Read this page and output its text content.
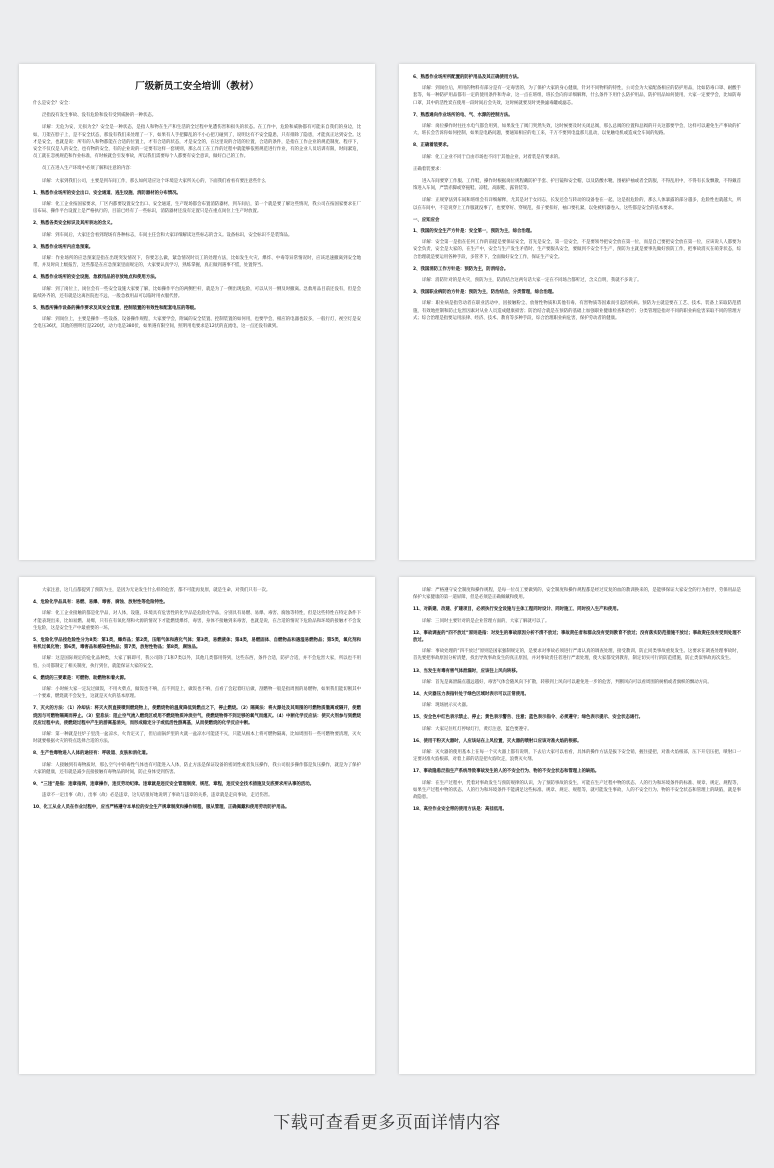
厂级新员工安全培训（教材）

什么是安全？安全：

泛指没有发生事故、没有危险和没有受到威胁的一种状态。

详解：无危为安，无损为全？安全是一种状态，是指人和物在生产和生活的全过程中免遭伤害和损失的状态。在工作中，危险和威胁都有可能来自我们的身边，比如，刀架在脖子上，是不安全状态，那没有我们来处理了一下，如果有人手把脚乱的不小心把刀碰到了，说明这有不安全隐患，只有排除了隐患，才能真正达到安全。这才是安全，也就是说：所有的人和物都能在合适的位置上，才有合适的状态，才是安全的，在这里说的合适的位置，合适的条件，是指在工作企业的规范制度、程序下，安全不仅仅是人的安全，也有物的安全，有的企业说的一定要有这样一套规则，那么员工在工作的过程中就能够依照规范进行作业，有的企业人员培训有限，时间紧迫，员工就在忽视规范和作业标准，有时候就会引发事故，所以我们需要每个人都要有安全意识，做好自己的工作。

员工在进入生产环境中必须了解和注意的内容：

详解：大家到我们公司，主要是到车间工作，那么如何适应这个环境是大家所关心的，下面我们看看有要注意些什么

1、熟悉作业场所的安全出口、安全通道、逃生设施、消防器材的分布情况。

详解：化工企业按国家要求，厂区内都要设置安全出口、安全通道，生产现场都会布置消防器材，到车间后，第一个就是要了解这些情况，我公司在按国家要求在厂房布局、操作平台设置上是严格执行的，目前已经有了一些标识，消防器材还没有定置只是在重点岗位上生产时放置。

2、熟悉各类安全标识及其所表达的含义。

详解：到车间后，大家还会看到现场有各种标志，车间主任会和大家详细解读这些标志的含义。设备标识，安全标识不是装饰品。

3、熟悉作业场所内应急预案。

详解：作业场所的应急预案是指在出现突发情况下，你要怎么做，紧急情况时员工的处理方法，比如发生火灾、爆炸、中毒等异常情况时，应该迅速撤离到安全地带，并及时向上级报告，这些都是在应急预案里面规定的，大家要认真学习，熟练掌握，真正做到遇事不慌，处置得当。

4、熟悉作业场所的安全设施、急救用品的存放地点和使用方法。

详解：到了岗位上，岗位会有一些安全设施大家要了解，比如操作平台的两侧栏杆，就是为了一侧出现危险，可以从另一侧及时撤离。急救用品目前还没有，但是会陆续补齐的，还有就是这离医院也不远，一般急救用品可以临时用衣服代替。

5、熟悉所操作设备的操作要求及其安全装置、控制装置的有效性和配套电压的等级。

详解：到岗位上，主要是操作一些设备，设备操作规程，大家要学会，附属的安全装置、控制装置的如何用，也要学会，相应的电器也较多，一般行灯，视空灯是安全电压36伏，其他的照明灯是220伏，动力电是380伏，如果遇有限空间，照明用电要求是12伏的直流电，这一点还没有做到。

6、熟悉作业场所所配置的防护用品及其正确使用方法。

详解：到岗位后，所用的物料有部分是有一定毒害的，为了保护大家的身心健康，针对不同物料的特性，公司会为大家配备相应的防护用品，比如防毒口罩、耐酸手套等，每一种防护用品都有一定的使用条件和寿命，这一点在班组，班长会向你详细解释，什么条件下用什么防护用品，防护用品如何使用，大家一定要学会，比如防毒口罩，其中的活性炭在使用一段时间后会失效，这时候就要及时更换滤毒罐或滤芯。

7、熟悉通向作业场所的电、气、水源的控制方法。

详解：岗位操作时往往水电气都会用到，如果发生了阀门突然失效，这时候要及时关闭总阀，那么总阀的位置和总阀的开关这都要学会，这样可以避免生产事故的扩大，班长会告诉你如何控制，如果是电路问题，要通知相应的电工来，千万不要到电盘那儿乱动，以免触电机或造成全车间的短路。

8、正确着装要求。

详解：化工企业不同于自由市场也不同于其他企业，对着装是有要求的。

正确着装要求：

进入车间要穿工作服、工作鞋，操作时根据岗位规程戴防护手套、护目镜和安全帽，以及防酸水靴、围裙护袖或者全防服，不得乱用中，不得有长发飘散，不得戴首饰进入车间，严禁赤脚或穿拖鞋、凉鞋、高跟鞋、露背装等。

详解：正规穿法到车间和班组会有详细解释，尤其是对于女同志，长发还会与转动的设备卷在一起，这是很危险的，那么人体暴露的部分越多，危险性也就越大，所以在车间中，不是说穿上工作服就没事了，也要穿好、穿规范，扣子要扣好，袖口要扎紧，以免被机器卷入，这些都是安全的基本要求。

一、应知应会

1、我国的安全生产方针是：安全第一，预防为主，综合治理。

详解：安全第一是指在任何工作的前提是要保证安全，首先是安全，第一是安全，不是要领导把安全放在第一位，而是自己要把安全放在第一位，应该说人人都要为安全负责，安全是大家的，在生产中，安全与生产发生矛盾时，生产要服从安全，要做到不安全不生产，预防为主就是要事先做好预防工作，把事故消灭在萌芽状态，综合治理就是要运用各种手段，多管齐下，全面做好安全工作，保证生产安全。

2、我国消防工作方针是：预防为主，防消结合。

详解：消防针对的是火灾，预防为主，防消结合这两句话大家一定在不同场合都听过，含义自明，我就不多说了。

3、我国职业病防治方针是：预防为主，防治结合，分类管理，综合治理。

详解：职业病是指劳动者在职业活动中，因接触粉尘、放射性物质和其他有毒、有害物质等因素而引起的疾病。预防为主就是要在工艺、技术、装备上采取防范措施，有效地控制和防止危害因素对从业人员造成健康损害；防治结合就是在预防的基础上加强职业健康检查和治疗；分类管理是指对不同的职业病危害采取不同的管理方式；综合治理是指要运用法律、经济、技术、教育等多种手段，综合治理职业病危害，保护劳动者的健康。

大家注意，这几点都提到了预防为主，是因为无论发生什么样的危害，都不可能再复原，就是生命，对我们只有一次。

4、危险化学品具有：易燃、易爆、毒害、腐蚀、放射性等危险特性。

详解：化工企业接触的都是化学品，对人体，设施，环境具有危害性的化学品是危险化学品，分别具有易燃、易爆、毒害、腐蚀等特性，但是这些特性在特定条件下才能表现出来，比如易燃、易爆，只有在有氧化剂和火源的情况下才能燃烧爆炸，毒害，身体不接触到来毒害，也就是说，在合适的情况下危险品和环境的接触才不会发生危险，这是安全生产中最重要的一环。

5、危险化学品按危险性分为8类：第1类，爆炸品；第2类，压缩气体和液化气体；第3类，易燃液体；第4类，易燃固体、自燃物品和遇湿易燃物品；第5类，氧化剂和有机过氧化物；第6类，毒害品和感染性物品；第7类，放射性物品；第8类，腐蚀品。

详解：这是国际规定的危化品种类，大家了解即可，我公司除了1和7类以外，其他几类都用得到，这些东西，条件合适，防护合适，并不会危害大家，所以也不用怕，公司都制定了相关制度，执行到位，就能保证大家的安全。

6、燃烧的三要素是：可燃物、助燃物和着火源。

详解：小时候大家一定玩过做饭，不用火柴点，做饭也不响，点不到是上，做饭也不响，点看了会起着旺后做，刮燃物一般是指周围的易燃物，如果我们能切断其中一个要素，燃烧就不会发生，这就是灭火的基本原理。

7、灭火的方法：（1）冷却法：将灭火剂直接喷到燃烧物上，使燃烧物的温度降低到燃点之下，停止燃烧。（2）隔离法：将火源处及其周围的可燃物质撤离或隔开，使燃烧因与可燃物隔离而停止。（3）窒息法：阻止空气流入燃烧区或用不燃烧物质冲淡空气，使燃烧物得不到足够的氧气而熄灭。（4）中断化学反应法：使灭火剂参与到燃烧反应过程中去，使燃烧过程中产生的游离基消失，而形成稳定分子或低活性游离基，从而使燃烧的化学反应中断。

详解：第一种就是往炉子里浇一盆凉水，火肯定灭了，但后面锅炉里的火就一盆凉水可能浇不灭，只能从根本上将可燃物隔离，比如周围有一些可燃物要清理，灭火时就要根据火灾的特点选择合适的方法。

8、生产性毒物进入人体的途径有：呼吸道、皮肤和消化道。

详解：人接触到有毒物质时，那么空气中的毒性气体也有可能进入人体，防止方法是保证设备的密闭性或者负压操作，我公司很多操作都是负压操作，就是为了保护大家的健康，还有就是减少直接接触有毒物品的时间，防止身体受到伤害。

9、“三违”是指：违章指挥，违章操作，违反劳动纪律。违章就是违反安全管理制度、规范、章程，违反安全技术措施及交底要求所从事的活动。

违章不一定出事（故），出事（故）必是违章，这句话很好地说明了事故与违章的关系，违章就是走向事故，走近伤害。

10、化工从业人员在作业过程中，应当严格遵守本单位的安全生产规章制度和操作规程，服从管理，正确佩戴和使用劳动防护用品。

详解：严格遵守安全制度和操作规程，是每一位员工要做到的，安全制度和操作规程都是经过反复的血的教训换来的，是能够保证大家安全的行为指导，劳保用品是保护大家健康的第一道屏障，但是必须是正确佩戴和使用。

11、对新建、改建、扩建项目，必须执行安全设施与主体工程同时设计、同时施工、同时投入生产和使用。

详解：三同时主要针对的是企业管理方面的，大家了解就可以了。

12、事故调查的“四不放过”原则是指：对发生的事故原因分析不清不放过；事故责任者和群众没有受到教育不放过；没有落实防范措施不放过；事故责任没有受到处理不放过。

详解：事故处理的“四不放过”原则是国家强制规定的，是要求对事故必须进行严肃认真的调查处理，接受教训，防止同类事故重复发生。这要求在调查处理事故时，首先要把事故原因分析清楚，找出导致事故发生的真正原因，并对事故责任者进行严肃处理，使大家都受到教育，制定切实可行的防范措施，防止类似事故再次发生。

13、当发生有毒有害气体泄漏时，应该往上风向转移。

详解：首先是离泄漏点越远越好，毒害气体会随风向下扩散，转移到上风向可以避免进一步的危害，判断风向可以看周围的树梢或者旗帜的飘动方向。

14、火灾器压力表指针处于绿色区域时表示可以正常使用。

详解：现场展示灭火器。

15、安全色中红色表示禁止、停止；黄色表示警告、注意；蓝色表示指令、必须遵守；绿色表示提示、安全状态通行。

详解：大家记住红灯停绿灯行，黄灯注意，蓝色要遵守。

16、使用干粉灭火器时，人应该站在上风位置，灭火器的喷射口应该对准火焰的根部。

详解：灭火器的使用基本上在每一个灭火器上都有说明，下去后大家可以看看，具体的操作方法是拔下安全销，握住提把，对准火焰根部，压下开启压把，喷射口一定要对准火焰根部，对着上部的话是把火焰吹走，浪费灭火剂。

17、事故隐患泛指生产系统导致事故发生的人的不安全行为、物的不安全状态和管理上的缺陷。

详解：在生产过程中，凭着对事故发生与预防规律的认识，为了预防事故的发生，可能在生产过程中物的状态、人的行为和环境条件的标准、规章、规定、规程等，如果生产过程中物的状态、人的行为和环境条件不能满足这些标准、规章、规定、规程等，就可能发生事故，人的不安全行为、物的不安全状态和管理上的缺陷，就是事故隐患。

18、高空作业安全带的使用方法是：高挂低用。

下载可查看更多页面详情内容
